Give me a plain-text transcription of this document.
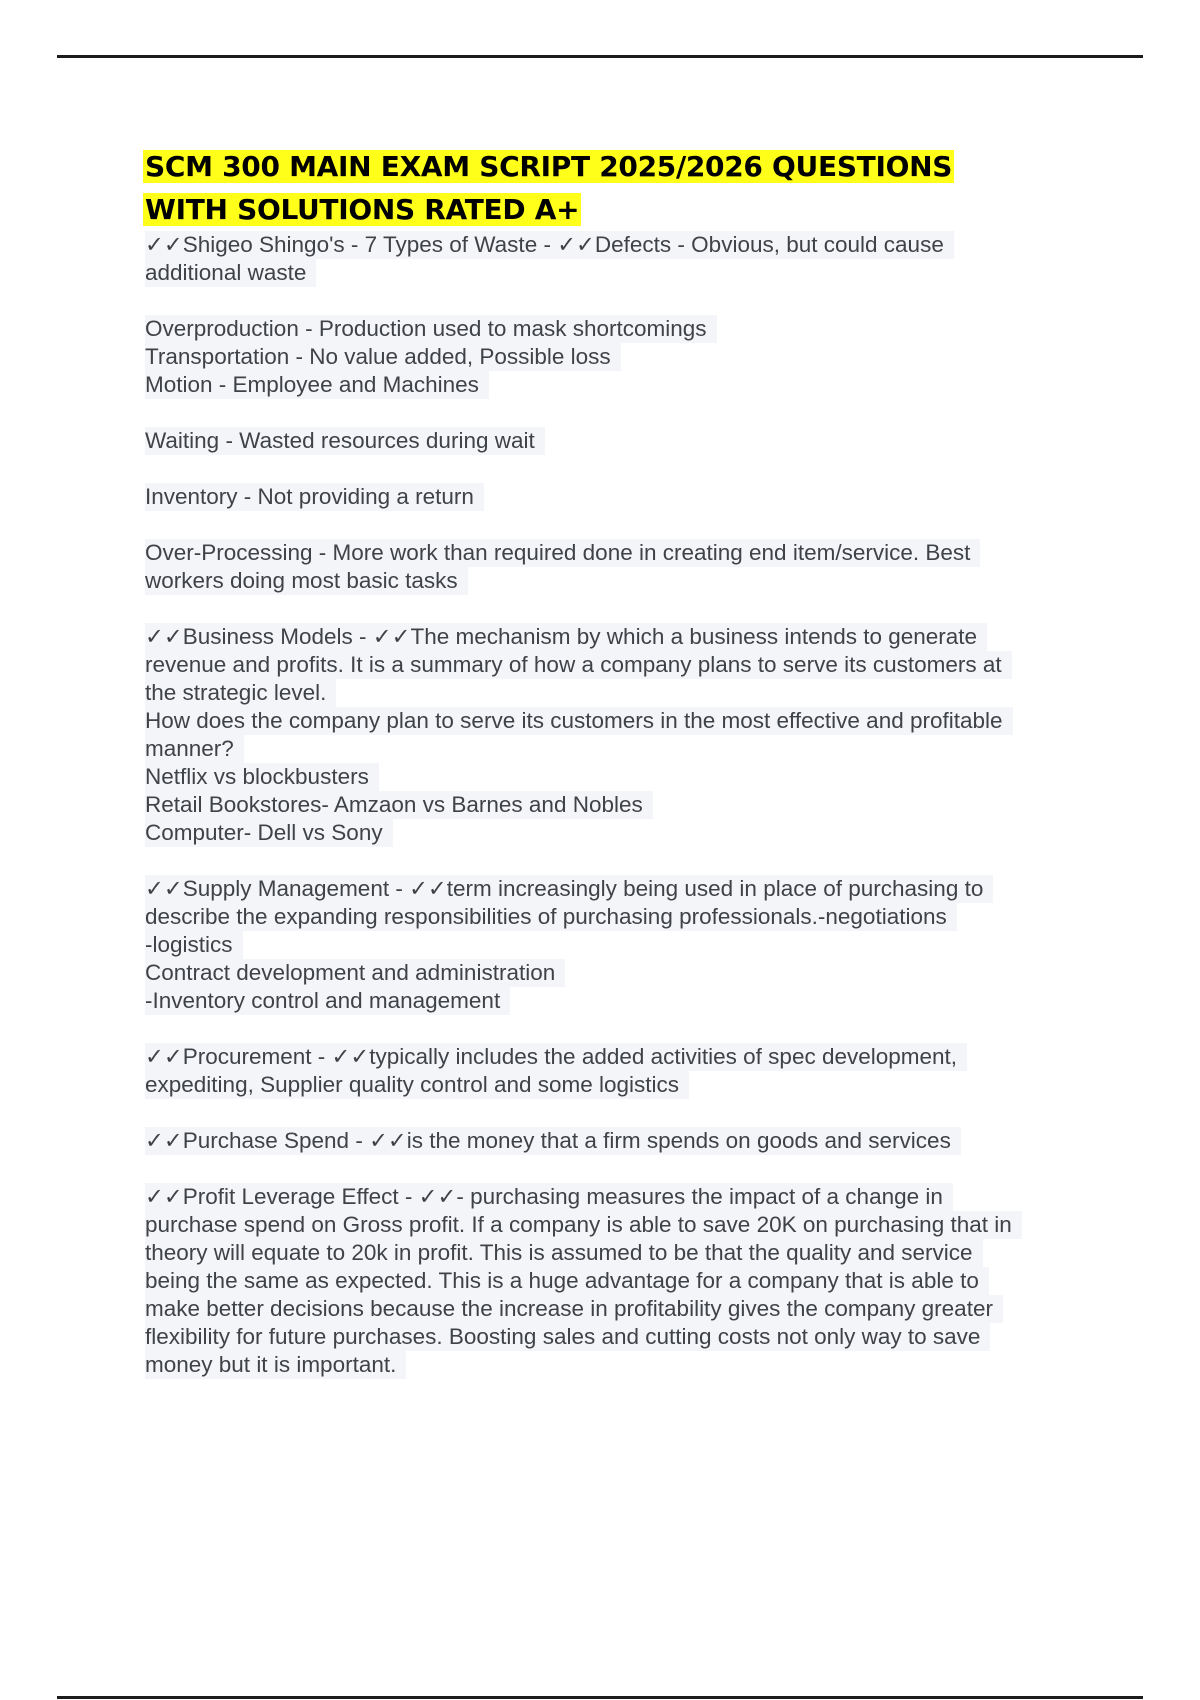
SCM 300 MAIN EXAM SCRIPT 2025/2026 QUESTIONS
WITH SOLUTIONS RATED A+
✓✓Shigeo Shingo's - 7 Types of Waste - ✓✓Defects - Obvious, but could cause
additional waste
Overproduction - Production used to mask shortcomings
Transportation - No value added, Possible loss
Motion - Employee and Machines
Waiting - Wasted resources during wait
Inventory - Not providing a return
Over-Processing - More work than required done in creating end item/service. Best
workers doing most basic tasks
✓✓Business Models - ✓✓The mechanism by which a business intends to generate
revenue and profits. It is a summary of how a company plans to serve its customers at
the strategic level.
How does the company plan to serve its customers in the most effective and profitable
manner?
Netflix vs blockbusters
Retail Bookstores- Amzaon vs Barnes and Nobles
Computer- Dell vs Sony
✓✓Supply Management - ✓✓term increasingly being used in place of purchasing to
describe the expanding responsibilities of purchasing professionals.-negotiations
-logistics
Contract development and administration
-Inventory control and management
✓✓Procurement - ✓✓typically includes the added activities of spec development,
expediting, Supplier quality control and some logistics
✓✓Purchase Spend - ✓✓is the money that a firm spends on goods and services
✓✓Profit Leverage Effect - ✓✓- purchasing measures the impact of a change in
purchase spend on Gross profit. If a company is able to save 20K on purchasing that in
theory will equate to 20k in profit. This is assumed to be that the quality and service
being the same as expected. This is a huge advantage for a company that is able to
make better decisions because the increase in profitability gives the company greater
flexibility for future purchases. Boosting sales and cutting costs not only way to save
money but it is important.
